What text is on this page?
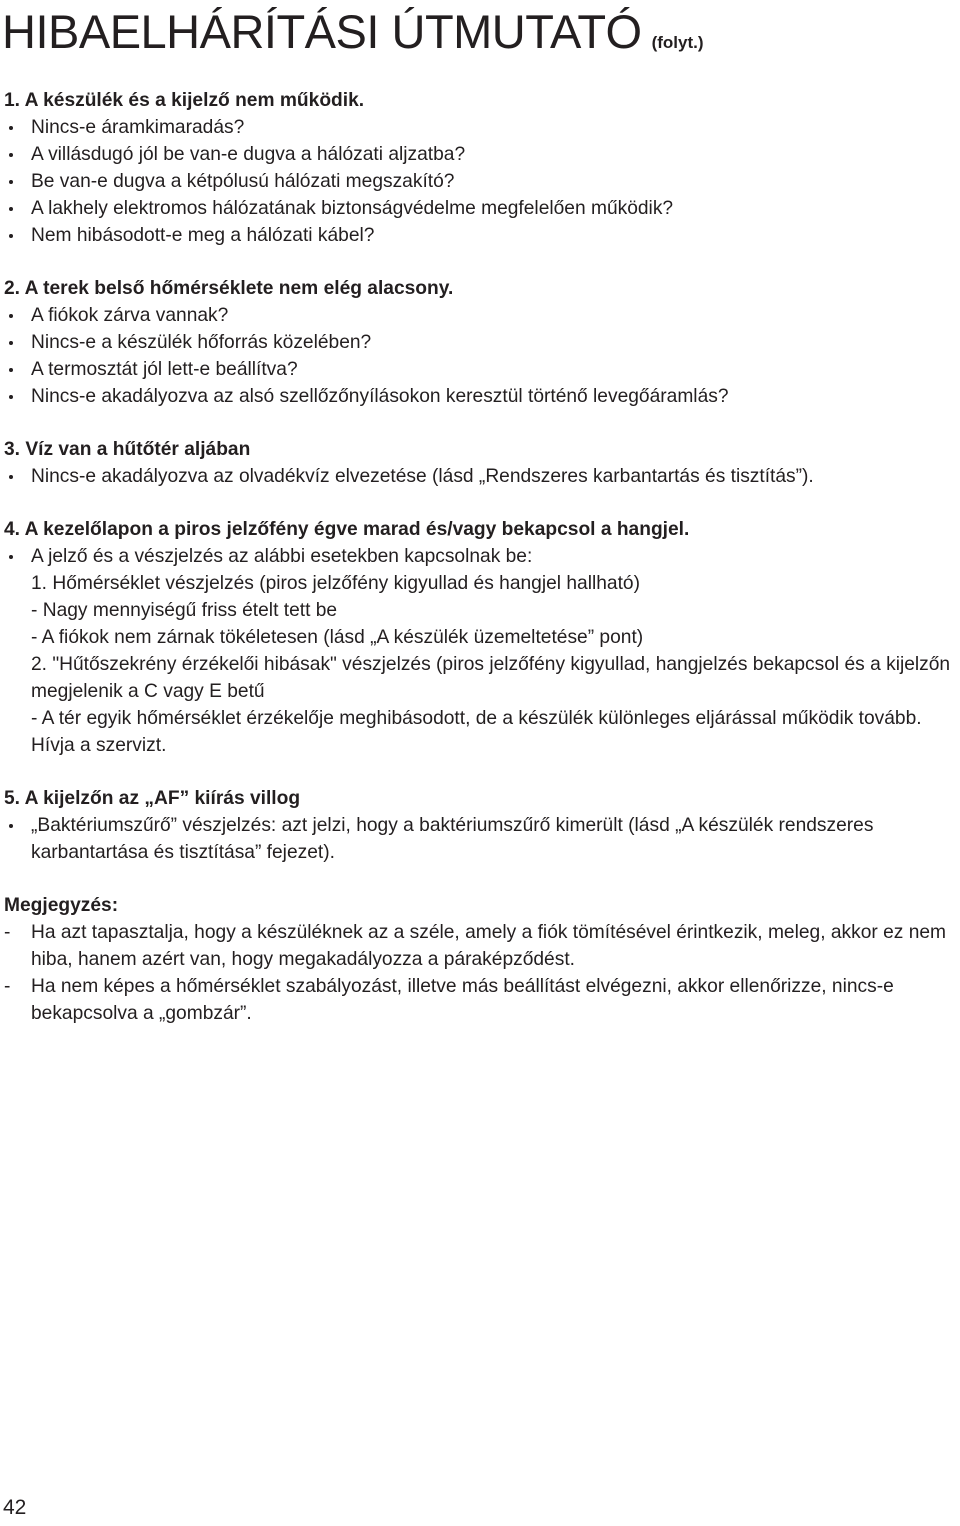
HIBAELHÁRÍTÁSI ÚTMUTATÓ (folyt.)
1. A készülék és a kijelző nem működik.
Nincs-e áramkimaradás?
A villásdugó jól be van-e dugva a hálózati aljzatba?
Be van-e dugva a kétpólusú hálózati megszakító?
A lakhely elektromos hálózatának biztonságvédelme megfelelően működik?
Nem hibásodott-e meg a hálózati kábel?
2. A terek belső hőmérséklete nem elég alacsony.
A fiókok zárva vannak?
Nincs-e a készülék hőforrás közelében?
A termosztát jól lett-e beállítva?
Nincs-e akadályozva az alsó szellőzőnyílásokon keresztül történő levegőáramlás?
3. Víz van a hűtőtér aljában
Nincs-e akadályozva az olvadékvíz elvezetése (lásd „Rendszeres karbantartás és tisztítás”).
4. A kezelőlapon a piros jelzőfény égve marad és/vagy bekapcsol a hangjel.
A jelző és a vészjelzés az alábbi esetekben kapcsolnak be:
1. Hőmérséklet vészjelzés (piros jelzőfény kigyullad és hangjel hallható)
- Nagy mennyiségű friss ételt tett be
- A fiókok nem zárnak tökéletesen (lásd „A készülék üzemeltetése” pont)
2. "Hűtőszekrény érzékelői hibásak" vészjelzés (piros jelzőfény kigyullad, hangjelzés bekapcsol és a kijelzőn megjelenik a C vagy E betű
- A tér egyik hőmérséklet érzékelője meghibásodott, de a készülék különleges eljárással működik tovább. Hívja a szervizt.
5. A kijelzőn az „AF” kiírás villog
„Baktériumszűrő” vészjelzés: azt jelzi, hogy a baktériumszűrő kimerült (lásd „A készülék rendszeres karbantartása és tisztítása” fejezet).
Megjegyzés:
-	Ha azt tapasztalja, hogy a készüléknek az a széle, amely a fiók tömítésével érintkezik, meleg, akkor ez nem hiba, hanem azért van, hogy megakadályozza a páraképződést.
-	Ha nem képes a hőmérséklet szabályozást, illetve más beállítást elvégezni, akkor ellenőrizze, nincs-e bekapcsolva a „gombzár”.
42
